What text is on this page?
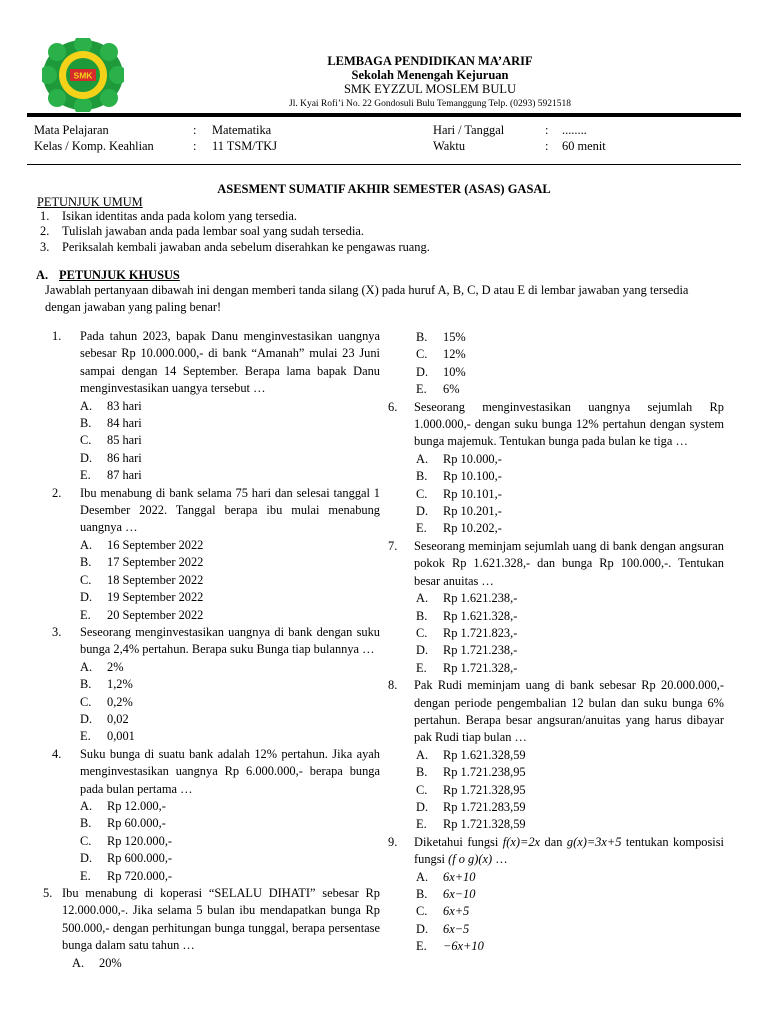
SMK
LEMBAGA PENDIDIKAN MA’ARIF
Sekolah Menengah Kejuruan
SMK EYZZUL MOSLEM BULU
Jl. Kyai Rofi’i No. 22 Gondosuli Bulu Temanggung Telp. (0293) 5921518
Mata Pelajaran	: Matematika
Kelas / Komp. Keahlian	: 11 TSM/TKJ
Hari / Tanggal	: ........
Waktu	: 60 menit
ASESMENT SUMATIF AKHIR SEMESTER (ASAS) GASAL
PETUNJUK UMUM
1. Isikan identitas anda pada kolom yang tersedia.
2. Tulislah jawaban anda pada lembar soal yang sudah tersedia.
3. Periksalah kembali jawaban anda sebelum diserahkan ke pengawas ruang.
A. PETUNJUK KHUSUS
Jawablah pertanyaan dibawah ini dengan memberi tanda silang (X) pada huruf A, B, C, D atau E di lembar jawaban yang tersedia dengan jawaban yang paling benar!
1.	Pada tahun 2023, bapak Danu menginvestasikan uangnya sebesar Rp 10.000.000,- di bank “Amanah” mulai 23 Juni sampai dengan 14 September. Berapa lama bapak Danu menginvestasikan uangya tersebut …
A.	83 hari
B.	84 hari
C.	85 hari
D.	86 hari
E.	87 hari
2.	Ibu menabung di bank selama 75 hari dan selesai tanggal 1 Desember 2022. Tanggal berapa ibu mulai menabung uangnya …
A.	16 September 2022
B.	17 September 2022
C.	18 September 2022
D.	19 September 2022
E.	20 September 2022
3.	Seseorang menginvestasikan uangnya di bank dengan suku bunga 2,4% pertahun. Berapa suku Bunga tiap bulannya …
A.	2%
B.	1,2%
C.	0,2%
D.	0,02
E.	0,001
4.	Suku bunga di suatu bank adalah 12% pertahun. Jika ayah menginvestasikan uangnya Rp 6.000.000,- berapa bunga pada bulan pertama …
A.	Rp 12.000,-
B.	Rp 60.000,-
C.	Rp 120.000,-
D.	Rp 600.000,-
E.	Rp 720.000,-
5. Ibu menabung di koperasi “SELALU DIHATI” sebesar Rp 12.000.000,-. Jika selama 5 bulan ibu mendapatkan bunga Rp 500.000,- dengan perhitungan bunga tunggal, berapa persentase bunga dalam satu tahun …
A.	20%
B.	15%
C.	12%
D.	10%
E.	6%
6.	Seseorang menginvestasikan uangnya sejumlah Rp 1.000.000,- dengan suku bunga 12% pertahun dengan system bunga majemuk. Tentukan bunga pada bulan ke tiga …
A.	Rp 10.000,-
B.	Rp 10.100,-
C.	Rp 10.101,-
D.	Rp 10.201,-
E.	Rp 10.202,-
7.	Seseorang meminjam sejumlah uang di bank dengan angsuran pokok Rp 1.621.328,- dan bunga Rp 100.000,-. Tentukan besar anuitas …
A.	Rp 1.621.238,-
B.	Rp 1.621.328,-
C.	Rp 1.721.823,-
D.	Rp 1.721.238,-
E.	Rp 1.721.328,-
8.	Pak Rudi meminjam uang di bank sebesar Rp 20.000.000,- dengan periode pengembalian 12 bulan dan suku bunga 6% pertahun. Berapa besar angsuran/anuitas yang harus dibayar pak Rudi tiap bulan …
A.	Rp 1.621.328,59
B.	Rp 1.721.238,95
C.	Rp 1.721.328,95
D.	Rp 1.721.283,59
E.	Rp 1.721.328,59
9.	Diketahui fungsi f(x)=2x dan g(x)=3x+5 tentukan komposisi fungsi (f o g)(x) …
A.	6x+10
B.	6x−10
C.	6x+5
D.	6x−5
E.	−6x+10
